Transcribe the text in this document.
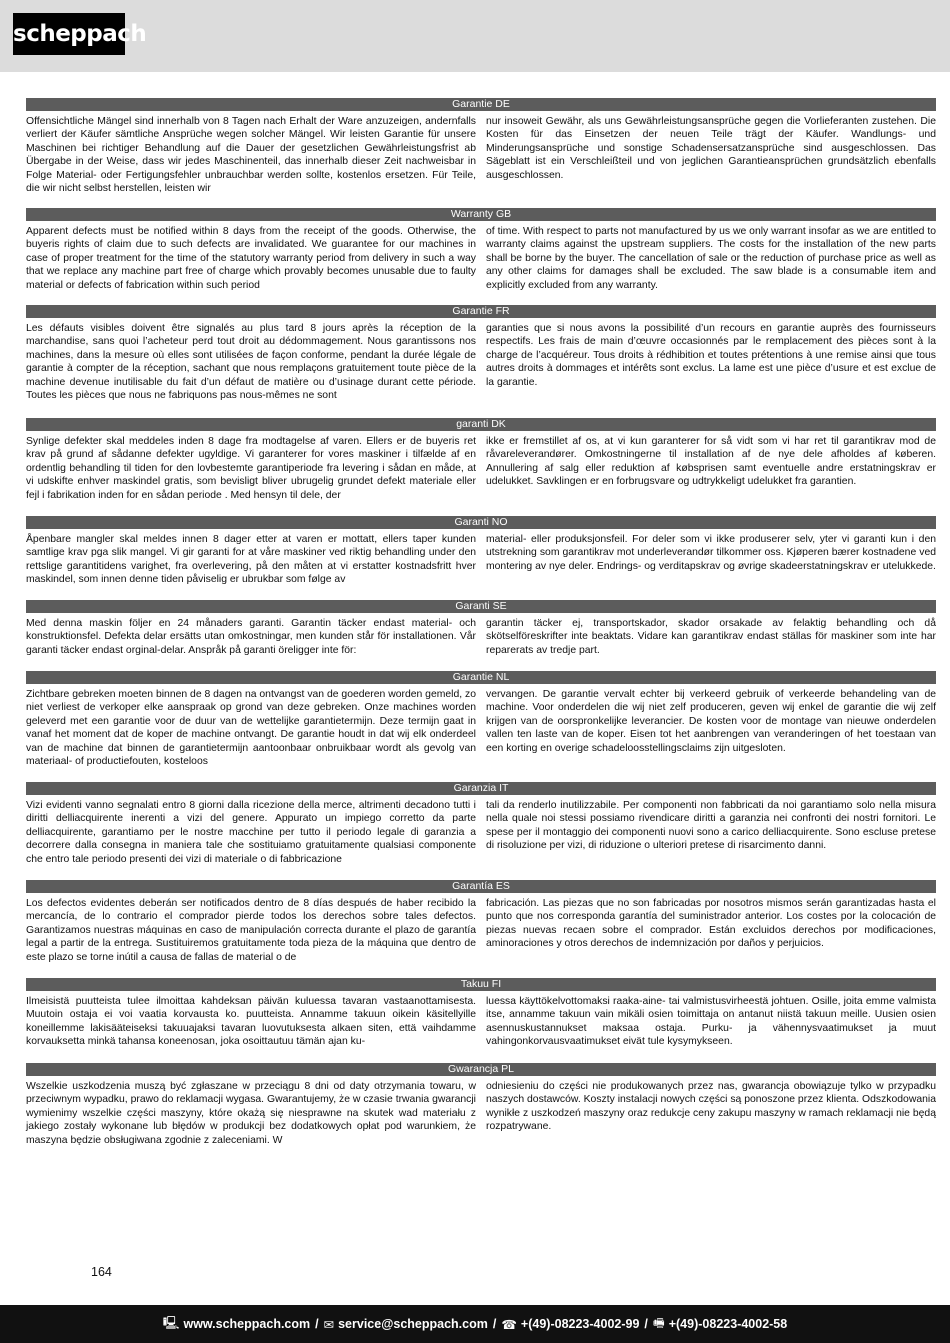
scheppach
Garantie DE
Offensichtliche Mängel sind innerhalb von 8 Tagen nach Erhalt der Ware anzuzeigen, andernfalls verliert der Käufer sämtliche Ansprüche wegen solcher Mängel. Wir leisten Garantie für unsere Maschinen bei richtiger Behandlung auf die Dauer der gesetzlichen Gewährleistungsfrist ab Übergabe in der Weise, dass wir jedes Maschinenteil, das innerhalb dieser Zeit nachweisbar in Folge Material- oder Fertigungsfehler unbrauchbar werden sollte, kostenlos ersetzen. Für Teile, die wir nicht selbst herstellen, leisten wir
nur insoweit Gewähr, als uns Gewährleistungsansprüche gegen die Vorlieferanten zustehen. Die Kosten für das Einsetzen der neuen Teile trägt der Käufer. Wandlungs- und Minderungsansprüche und sonstige Schadensersatzansprüche sind ausgeschlossen. Das Sägeblatt ist ein Verschleißteil und von jeglichen Garantieansprüchen grundsätzlich ebenfalls ausgeschlossen.
Warranty GB
Apparent defects must be notified within 8 days from the receipt of the goods. Otherwise, the buyeris rights of claim due to such defects are invalidated. We guarantee for our machines in case of proper treatment for the time of the statutory warranty period from delivery in such a way that we replace any machine part free of charge which provably becomes unusable due to faulty material or defects of fabrication within such period
of time. With respect to parts not manufactured by us we only warrant insofar as we are entitled to warranty claims against the upstream suppliers. The costs for the installation of the new parts shall be borne by the buyer. The cancellation of sale or the reduction of purchase price as well as any other claims for damages shall be excluded. The saw blade is a consumable item and explicitly excluded from any warranty.
Garantie FR
Les défauts visibles doivent être signalés au plus tard 8 jours après la réception de la marchandise, sans quoi l’acheteur perd tout droit au dédommagement. Nous garantissons nos machines, dans la mesure où elles sont utilisées de façon conforme, pendant la durée légale de garantie à compter de la réception, sachant que nous remplaçons gratuitement toute pièce de la machine devenue inutilisable du fait d’un défaut de matière ou d’usinage durant cette période. Toutes les pièces que nous ne fabriquons pas nous-mêmes ne sont
garanties que si nous avons la possibilité d’un recours en garantie auprès des fournisseurs respectifs. Les frais de main d’œuvre occasionnés par le remplacement des pièces sont à la charge de l’acquéreur. Tous droits à rédhibition et toutes prétentions à une remise ainsi que tous autres droits à dommages et intérêts sont exclus. La lame est une pièce d’usure et est exclue de la garantie.
garanti DK
Synlige defekter skal meddeles inden 8 dage fra modtagelse af varen. Ellers er de buyeris ret krav på grund af sådanne defekter ugyldige. Vi garanterer for vores maskiner i tilfælde af en ordentlig behandling til tiden for den lovbestemte garantiperiode fra levering i sådan en måde, at vi udskifte enhver maskindel gratis, som bevisligt bliver ubrugelig grundet defekt materiale eller fejl i fabrikation inden for en sådan periode . Med hensyn til dele, der
ikke er fremstillet af os, at vi kun garanterer for så vidt som vi har ret til garantikrav mod de råvareleverandører. Omkostningerne til installation af de nye dele afholdes af køberen. Annullering af salg eller reduktion af købsprisen samt eventuelle andre erstatningskrav er udelukket. Savklingen er en forbrugsvare og udtrykkeligt udelukket fra garantien.
Garanti NO
Åpenbare mangler skal meldes innen 8 dager etter at varen er mottatt, ellers taper kunden samtlige krav pga slik mangel. Vi gir garanti for at våre maskiner ved riktig behandling under den rettslige garantitidens varighet, fra overlevering, på den måten at vi erstatter kostnadsfritt hver maskindel, som innen denne tiden påviselig er ubrukbar som følge av
material- eller produksjonsfeil. For deler som vi ikke produserer selv, yter vi garanti kun i den utstrekning som garantikrav mot underleverandør tilkommer oss. Kjøperen bærer kostnadene ved montering av nye deler. Endrings- og verditapskrav og øvrige skadeerstatningskrav er utelukkede.
Garanti SE
Med denna maskin följer en 24 månaders garanti. Garantin täcker endast material- och konstruktionsfel. Defekta delar ersätts utan omkostningar, men kunden står för installationen. Vår garanti täcker endast orginal-delar. Anspråk på garanti öreligger inte för:
garantin täcker ej, transportskador, skador orsakade av felaktig behandling och då skötselföreskrifter inte beaktats. Vidare kan garantikrav endast ställas för maskiner som inte har reparerats av tredje part.
Garantie NL
Zichtbare gebreken moeten binnen de 8 dagen na ontvangst van de goederen worden gemeld, zo niet verliest de verkoper elke aanspraak op grond van deze gebreken. Onze machines worden geleverd met een garantie voor de duur van de wettelijke garantietermijn. Deze termijn gaat in vanaf het moment dat de koper de machine ontvangt. De garantie houdt in dat wij elk onderdeel van de machine dat binnen de garantietermijn aantoonbaar onbruikbaar wordt als gevolg van materiaal- of productiefouten, kosteloos
vervangen. De garantie vervalt echter bij verkeerd gebruik of verkeerde behandeling van de machine. Voor onderdelen die wij niet zelf produceren, geven wij enkel de garantie die wij zelf krijgen van de oorspronkelijke leverancier. De kosten voor de montage van nieuwe onderdelen vallen ten laste van de koper. Eisen tot het aanbrengen van veranderingen of het toestaan van een korting en overige schadeloosstellingsclaims zijn uitgesloten.
Garanzia IT
Vizi evidenti vanno segnalati entro 8 giorni dalla ricezione della merce, altrimenti decadono tutti i diritti delliacquirente inerenti a vizi del genere. Appurato un impiego corretto da parte delliacquirente, garantiamo per le nostre macchine per tutto il periodo legale di garanzia a decorrere dalla consegna in maniera tale che sostituiamo gratuitamente qualsiasi componente che entro tale periodo presenti dei vizi di materiale o di fabbricazione
tali da renderlo inutilizzabile. Per componenti non fabbricati da noi garantiamo solo nella misura nella quale noi stessi possiamo rivendicare diritti a garanzia nei confronti dei nostri fornitori. Le spese per il montaggio dei componenti nuovi sono a carico delliacquirente. Sono escluse pretese di risoluzione per vizi, di riduzione o ulteriori pretese di risarcimento danni.
Garantía ES
Los defectos evidentes deberán ser notificados dentro de 8 días después de haber recibido la mercancía, de lo contrario el comprador pierde todos los derechos sobre tales defectos. Garantizamos nuestras máquinas en caso de manipulación correcta durante el plazo de garantía legal a partir de la entrega. Sustituiremos gratuitamente toda pieza de la máquina que dentro de este plazo se torne inútil a causa de fallas de material o de
fabricación. Las piezas que no son fabricadas por nosotros mismos serán garantizadas hasta el punto que nos corresponda garantía del suministrador anterior. Los costes por la colocación de piezas nuevas recaen sobre el comprador. Están excluidos derechos por modificaciones, aminoraciones y otros derechos de indemnización por daños y perjuicios.
Takuu FI
Ilmeisistä puutteista tulee ilmoittaa kahdeksan päivän kuluessa tavaran vastaanottamisesta. Muutoin ostaja ei voi vaatia korvausta ko. puutteista. Annamme takuun oikein käsitellyille koneillemme lakisääteiseksi takuuajaksi tavaran luovutuksesta alkaen siten, että vaihdamme korvauksetta minkä tahansa koneenosan, joka osoittautuu tämän ajan ku-
luessa käyttökelvottomaksi raaka-aine- tai valmistusvirheestä johtuen. Osille, joita emme valmista itse, annamme takuun vain mikäli osien toimittaja on antanut niistä takuun meille. Uusien osien asennuskustannukset maksaa ostaja. Purku- ja vähennysvaatimukset ja muut vahingonkorvausvaatimukset eivät tule kysymykseen.
Gwarancja PL
Wszelkie uszkodzenia muszą być zgłaszane w przeciągu 8 dni od daty otrzymania towaru, w przeciwnym wypadku, prawo do reklamacji wygasa. Gwarantujemy, że w czasie trwania gwarancji wymienimy wszelkie części maszyny, które okażą się niesprawne na skutek wad materiału z jakiego zostały wykonane lub błędów w produkcji bez dodatkowych opłat pod warunkiem, że maszyna będzie obsługiwana zgodnie z zaleceniami. W
odniesieniu do części nie produkowanych przez nas, gwarancja obowiązuje tylko w przypadku naszych dostawców. Koszty instalacji nowych części są ponoszone przez klienta. Odszkodowania wynikłe z uszkodzeń maszyny oraz redukcje ceny zakupu maszyny w ramach reklamacji nie będą rozpatrywane.
164
🖳 www.scheppach.com / ✉ service@scheppach.com / ☎ +(49)-08223-4002-99 / 🖷 +(49)-08223-4002-58
